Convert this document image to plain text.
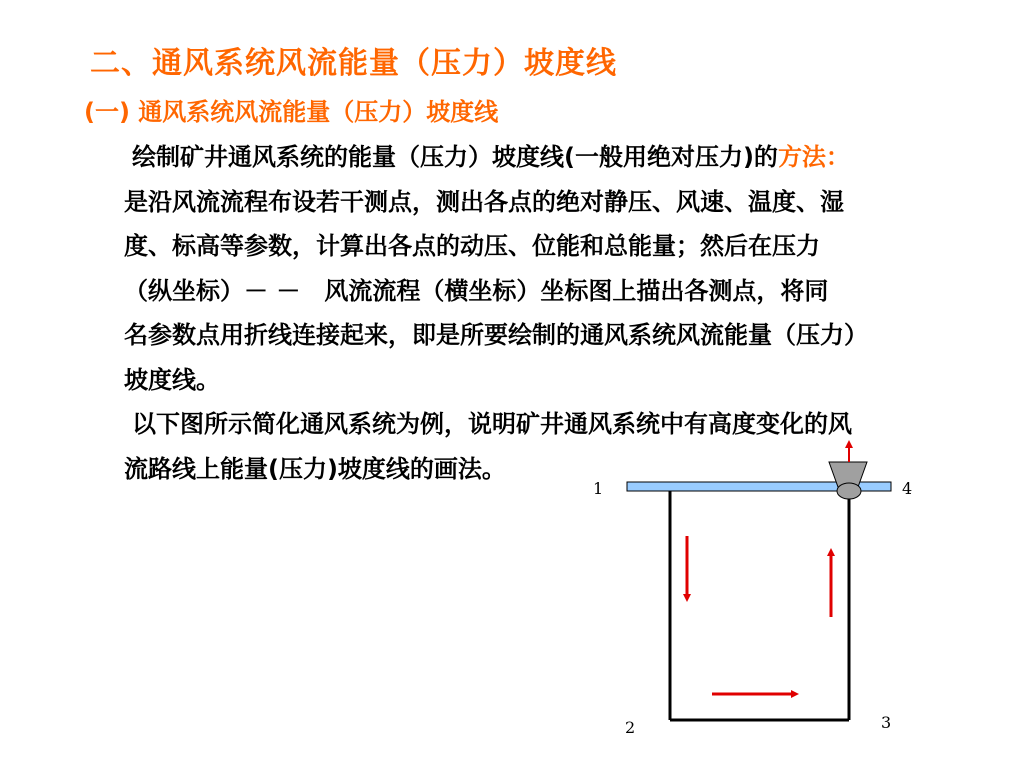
二、通风系统风流能量（压力）坡度线
(一) 通风系统风流能量（压力）坡度线
绘制矿井通风系统的能量（压力）坡度线(一般用绝对压力)的方法：
是沿风流流程布设若干测点，测出各点的绝对静压、风速、温度、湿
度、标高等参数，计算出各点的动压、位能和总能量；然后在压力
（纵坐标）－ －　风流流程（横坐标）坐标图上描出各测点，将同
名参数点用折线连接起来，即是所要绘制的通风系统风流能量（压力）
坡度线。
以下图所示简化通风系统为例，说明矿井通风系统中有高度变化的风
流路线上能量(压力)坡度线的画法。
1
2	3
4
